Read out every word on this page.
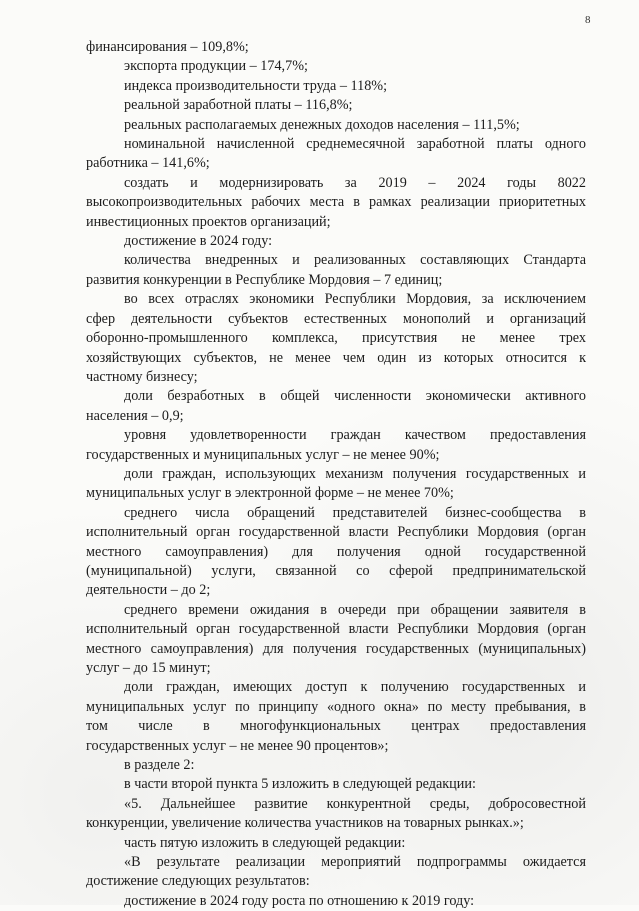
8
финансирования – 109,8%;
экспорта продукции – 174,7%;
индекса производительности труда – 118%;
реальной заработной платы – 116,8%;
реальных располагаемых денежных доходов населения – 111,5%;
номинальной начисленной среднемесячной заработной платы одного
работника – 141,6%;
создать и модернизировать за 2019 – 2024 годы 8022
высокопроизводительных рабочих места в рамках реализации приоритетных
инвестиционных проектов организаций;
достижение в 2024 году:
количества внедренных и реализованных составляющих Стандарта
развития конкуренции в Республике Мордовия – 7 единиц;
во всех отраслях экономики Республики Мордовия, за исключением
сфер деятельности субъектов естественных монополий и организаций
оборонно-промышленного комплекса, присутствия не менее трех
хозяйствующих субъектов, не менее чем один из которых относится к
частному бизнесу;
доли безработных в общей численности экономически активного
населения – 0,9;
уровня удовлетворенности граждан качеством предоставления
государственных и муниципальных услуг – не менее 90%;
доли граждан, использующих механизм получения государственных и
муниципальных услуг в электронной форме – не менее 70%;
среднего числа обращений представителей бизнес-сообщества в
исполнительный орган государственной власти Республики Мордовия (орган
местного самоуправления) для получения одной государственной
(муниципальной) услуги, связанной со сферой предпринимательской
деятельности – до 2;
среднего времени ожидания в очереди при обращении заявителя в
исполнительный орган государственной власти Республики Мордовия (орган
местного самоуправления) для получения государственных (муниципальных)
услуг – до 15 минут;
доли граждан, имеющих доступ к получению государственных и
муниципальных услуг по принципу «одного окна» по месту пребывания, в
том числе в многофункциональных центрах предоставления
государственных услуг – не менее 90 процентов»;
в разделе 2:
в части второй пункта 5 изложить в следующей редакции:
«5. Дальнейшее развитие конкурентной среды, добросовестной
конкуренции, увеличение количества участников на товарных рынках.»;
часть пятую изложить в следующей редакции:
«В результате реализации мероприятий подпрограммы ожидается
достижение следующих результатов:
достижение в 2024 году роста по отношению к 2019 году:
